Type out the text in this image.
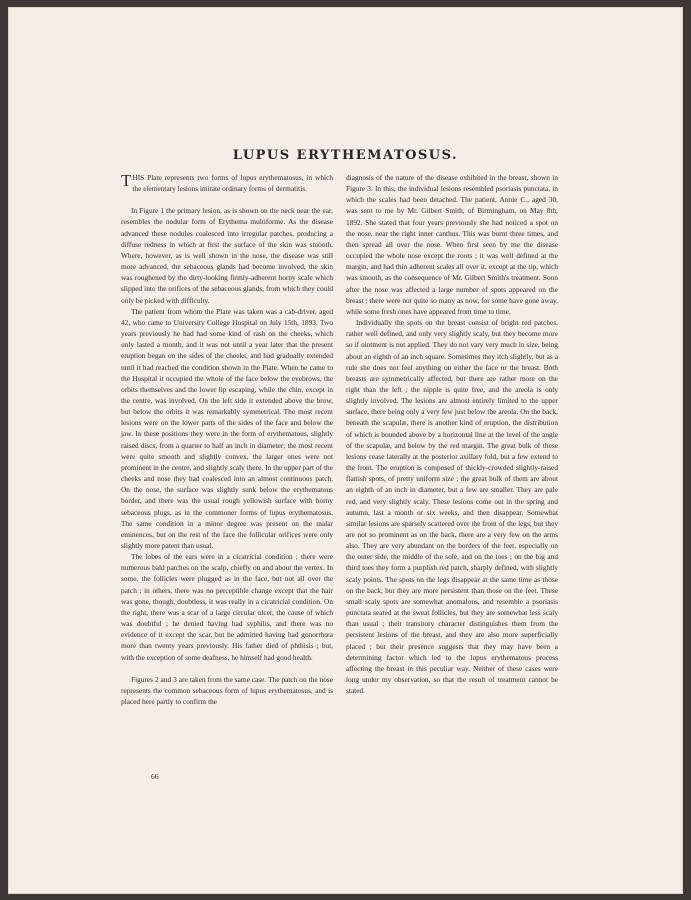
LUPUS ERYTHEMATOSUS.

THIS Plate represents two forms of lupus erythematosus, in which the elementary lesions imitate ordinary forms of dermatitis.

In Figure 1 the primary lesion, as is shown on the neck near the ear, resembles the nodular form of Erythema multiforme. As the disease advanced these nodules coalesced into irregular patches, producing a diffuse redness in which at first the surface of the skin was smooth. Where, however, as is well shown in the nose, the disease was still more advanced, the sebaceous glands had become involved, the skin was roughened by the dirty-looking firmly-adherent horny scale which slipped into the orifices of the sebaceous glands, from which they could only be picked with difficulty.

The patient from whom the Plate was taken was a cab-driver, aged 42, who came to University College Hospital on July 15th, 1893. Two years previously he had had some kind of rash on the cheeks, which only lasted a month, and it was not until a year later that the present eruption began on the sides of the cheeks, and had gradually extended until it had reached the condition shown in the Plate. When he came to the Hospital it occupied the whole of the face below the eyebrows, the orbits themselves and the lower lip escaping, while the chin, except in the centre, was involved. On the left side it extended above the brow, but below the orbits it was remarkably symmetrical. The most recent lesions were on the lower parts of the sides of the face and below the jaw. In these positions they were in the form of erythematous, slightly raised discs, from a quarter to half an inch in diameter; the most recent were quite smooth and slightly convex, the larger ones were not prominent in the centre, and slightly scaly there. In the upper part of the cheeks and nose they had coalesced into an almost continuous patch. On the nose, the surface was slightly sunk below the erythematous border, and there was the usual rough yellowish surface with horny sebaceous plugs, as in the commoner forms of lupus erythematosus. The same condition in a minor degree was present on the malar eminences, but on the rest of the face the follicular orifices were only slightly more patent than usual.

The lobes of the ears were in a cicatricial condition ; there were numerous bald patches on the scalp, chiefly on and about the vertex. In some, the follicles were plugged as in the face, but not all over the patch ; in others, there was no perceptible change except that the hair was gone, though, doubtless, it was really in a cicatricial condition. On the right, there was a scar of a large circular ulcer, the cause of which was doubtful ; he denied having had syphilis, and there was no evidence of it except the scar, but he admitted having had gonorrhœa more than twenty years previously. His father died of phthisis ; but, with the exception of some deafness, he himself had good health.

Figures 2 and 3 are taken from the same case. The patch on the nose represents the common sebaceous form of lupus erythematosus, and is placed here partly to confirm the

diagnosis of the nature of the disease exhibited in the breast, shown in Figure 3. In this, the individual lesions resembled psoriasis punctata, in which the scales had been detached. The patient, Annie C., aged 30, was sent to me by Mr. Gilbert Smith, of Birmingham, on May 8th, 1892. She stated that four years previously she had noticed a spot on the nose, near the right inner canthus. This was burnt three times, and then spread all over the nose. When first seen by me the disease occupied the whole nose except the roots ; it was well defined at the margin, and had thin adherent scales all over it, except at the tip, which was smooth, as the consequence of Mr. Gilbert Smith's treatment. Soon after the nose was affected a large number of spots appeared on the breast ; there were not quite so many as now, for some have gone away, while some fresh ones have appeared from time to time.

Individually the spots on the breast consist of bright red patches, rather well defined, and only very slightly scaly, but they become more so if ointment is not applied. They do not vary very much in size, being about an eighth of an inch square. Sometimes they itch slightly, but as a rule she does not feel anything on either the face or the breast. Both breasts are symmetrically affected, but there are rather more on the right than the left ; the nipple is quite free, and the areola is only slightly involved. The lesions are almost entirely limited to the upper surface, there being only a very few just below the areola. On the back, beneath the scapulæ, there is another kind of eruption, the distribution of which is bounded above by a horizontal line at the level of the angle of the scapulæ, and below by the red margin. The great bulk of these lesions cease laterally at the posterior axillary fold, but a few extend to the front. The eruption is composed of thickly-crowded slightly-raised flattish spots, of pretty uniform size ; the great bulk of them are about an eighth of an inch in diameter, but a few are smaller. They are pale red, and very slightly scaly. These lesions come out in the spring and autumn, last a month or six weeks, and then disappear. Somewhat similar lesions are sparsely scattered over the front of the legs, but they are not so prominent as on the back, there are a very few on the arms also. They are very abundant on the borders of the feet, especially on the outer side, the middle of the sole, and on the toes ; on the big and third toes they form a purplish red patch, sharply defined, with slightly scaly points. The spots on the legs disappear at the same time as those on the back, but they are more persistent than those on the feet. These small scaly spots are somewhat anomalous, and resemble a psoriasis punctata seated at the sweat follicles, but they are somewhat less scaly than usual ; their transitory character distinguishes them from the persistent lesions of the breast, and they are also more superficially placed ; but their presence suggests that they may have been a determining factor which led to the lupus erythematous process affecting the breast in this peculiar way. Neither of these cases were long under my observation, so that the result of treatment cannot be stated.

66
